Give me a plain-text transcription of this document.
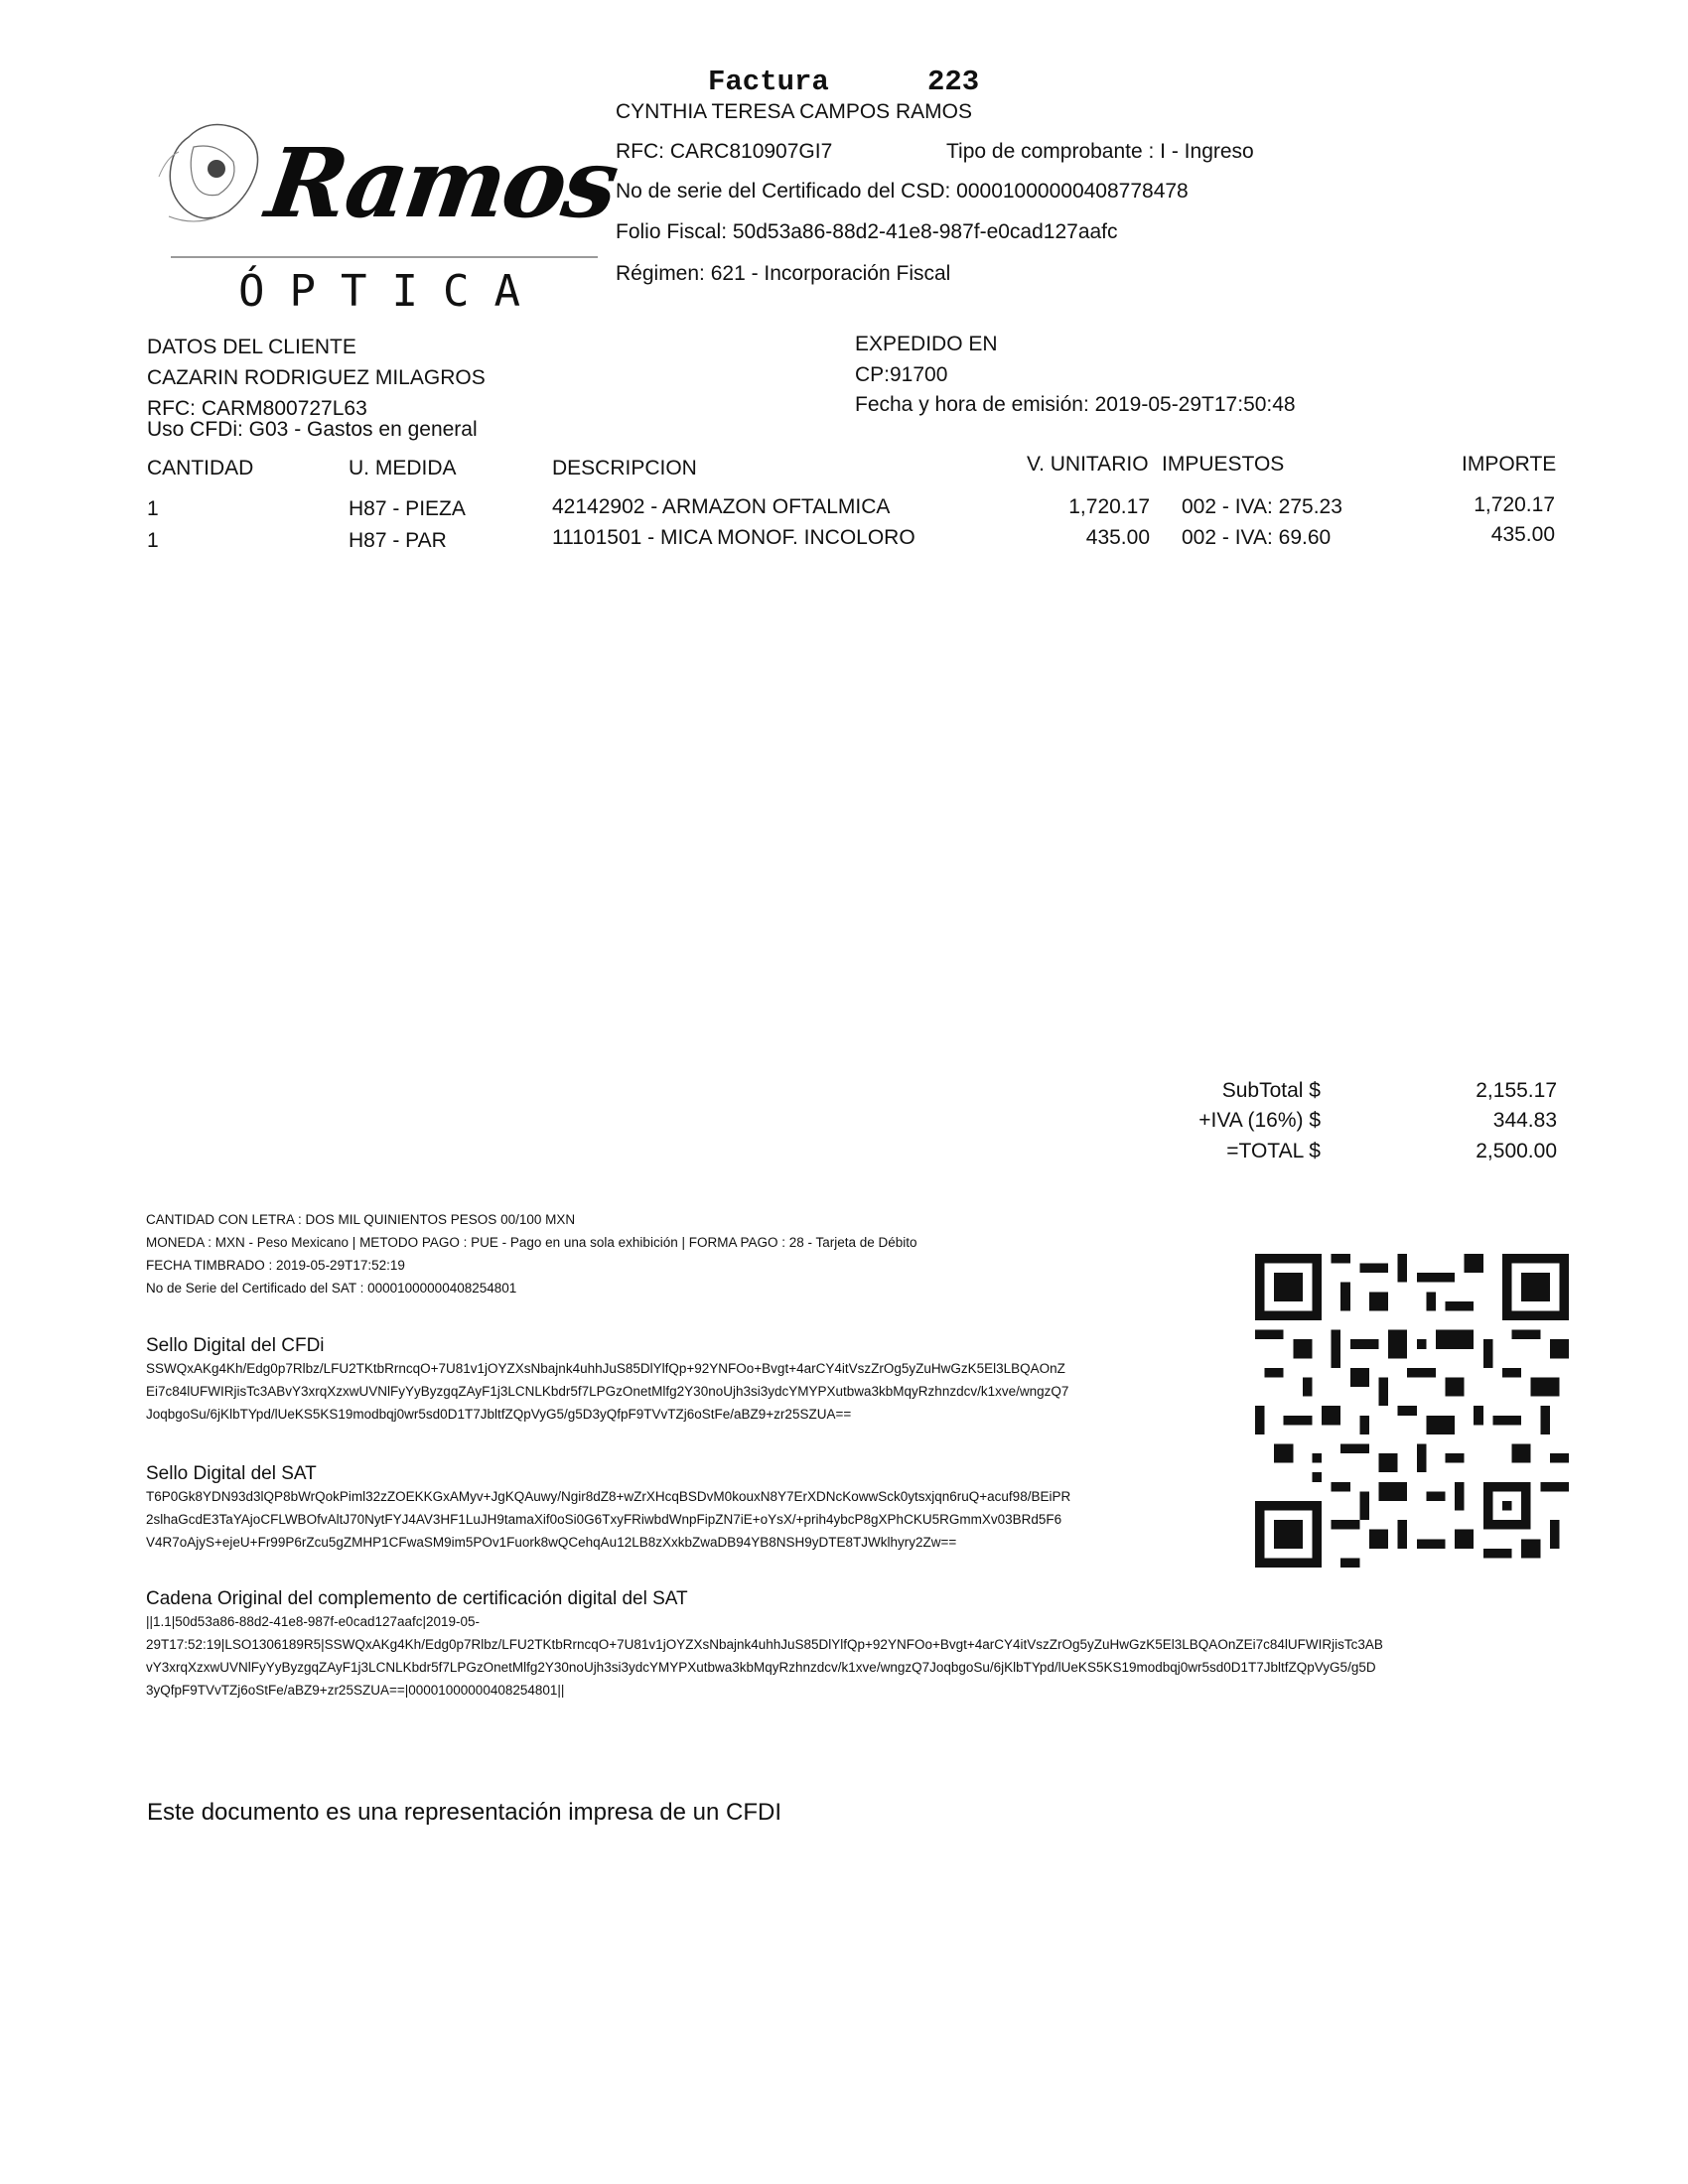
Ramos
ÓPTICA
Factura	223
CYNTHIA TERESA CAMPOS RAMOS
RFC: CARC810907GI7	Tipo de comprobante : I - Ingreso
No de serie del Certificado del CSD: 00001000000408778478
Folio Fiscal: 50d53a86-88d2-41e8-987f-e0cad127aafc
Régimen: 621 - Incorporación Fiscal
DATOS DEL CLIENTE
CAZARIN RODRIGUEZ MILAGROS
RFC: CARM800727L63
Uso CFDi: G03 - Gastos en general
EXPEDIDO EN
CP:91700
Fecha y hora de emisión: 2019-05-29T17:50:48
CANTIDAD	U. MEDIDA	DESCRIPCION	V. UNITARIO IMPUESTOS	IMPORTE
1	H87 - PIEZA	42142902 - ARMAZON OFTALMICA	1,720.17 002 - IVA: 275.23	1,720.17
1	H87 - PAR	11101501 - MICA MONOF. INCOLORO	435.00 002 - IVA: 69.60	435.00
SubTotal $	2,155.17
+IVA (16%) $	344.83
=TOTAL $	2,500.00
CANTIDAD CON LETRA : DOS MIL QUINIENTOS PESOS 00/100 MXN
MONEDA : MXN - Peso Mexicano | METODO PAGO : PUE - Pago en una sola exhibición | FORMA PAGO : 28 - Tarjeta de Débito
FECHA TIMBRADO : 2019-05-29T17:52:19
No de Serie del Certificado del SAT : 00001000000408254801
Sello Digital del CFDi
SSWQxAKg4Kh/Edg0p7Rlbz/LFU2TKtbRrncqO+7U81v1jOYZXsNbajnk4uhhJuS85DlYlfQp+92YNFOo+Bvgt+4arCY4itVszZrOg5yZuHwGzK5El3LBQAOnZ
Ei7c84lUFWIRjisTc3ABvY3xrqXzxwUVNlFyYyByzgqZAyF1j3LCNLKbdr5f7LPGzOnetMlfg2Y30noUjh3si3ydcYMYPXutbwa3kbMqyRzhnzdcv/k1xve/wngzQ7
JoqbgoSu/6jKlbTYpd/lUeKS5KS19modbqj0wr5sd0D1T7JbltfZQpVyG5/g5D3yQfpF9TVvTZj6oStFe/aBZ9+zr25SZUA==
Sello Digital del SAT
T6P0Gk8YDN93d3lQP8bWrQokPiml32zZOEKKGxAMyv+JgKQAuwy/Ngir8dZ8+wZrXHcqBSDvM0kouxN8Y7ErXDNcKowwSck0ytsxjqn6ruQ+acuf98/BEiPR
2slhaGcdE3TaYAjoCFLWBOfvAltJ70NytFYJ4AV3HF1LuJH9tamaXif0oSi0G6TxyFRiwbdWnpFipZN7iE+oYsX/+prih4ybcP8gXPhCKU5RGmmXv03BRd5F6
V4R7oAjyS+ejeU+Fr99P6rZcu5gZMHP1CFwaSM9im5POv1Fuork8wQCehqAu12LB8zXxkbZwaDB94YB8NSH9yDTE8TJWklhyry2Zw==
Cadena Original del complemento de certificación digital del SAT
||1.1|50d53a86-88d2-41e8-987f-e0cad127aafc|2019-05-
29T17:52:19|LSO1306189R5|SSWQxAKg4Kh/Edg0p7Rlbz/LFU2TKtbRrncqO+7U81v1jOYZXsNbajnk4uhhJuS85DlYlfQp+92YNFOo+Bvgt+4arCY4itVszZrOg5yZuHwGzK5El3LBQAOnZEi7c84lUFWIRjisTc3AB
vY3xrqXzxwUVNlFyYyByzgqZAyF1j3LCNLKbdr5f7LPGzOnetMlfg2Y30noUjh3si3ydcYMYPXutbwa3kbMqyRzhnzdcv/k1xve/wngzQ7JoqbgoSu/6jKlbTYpd/lUeKS5KS19modbqj0wr5sd0D1T7JbltfZQpVyG5/g5D
3yQfpF9TVvTZj6oStFe/aBZ9+zr25SZUA==|00001000000408254801||
Este documento es una representación impresa de un CFDI
